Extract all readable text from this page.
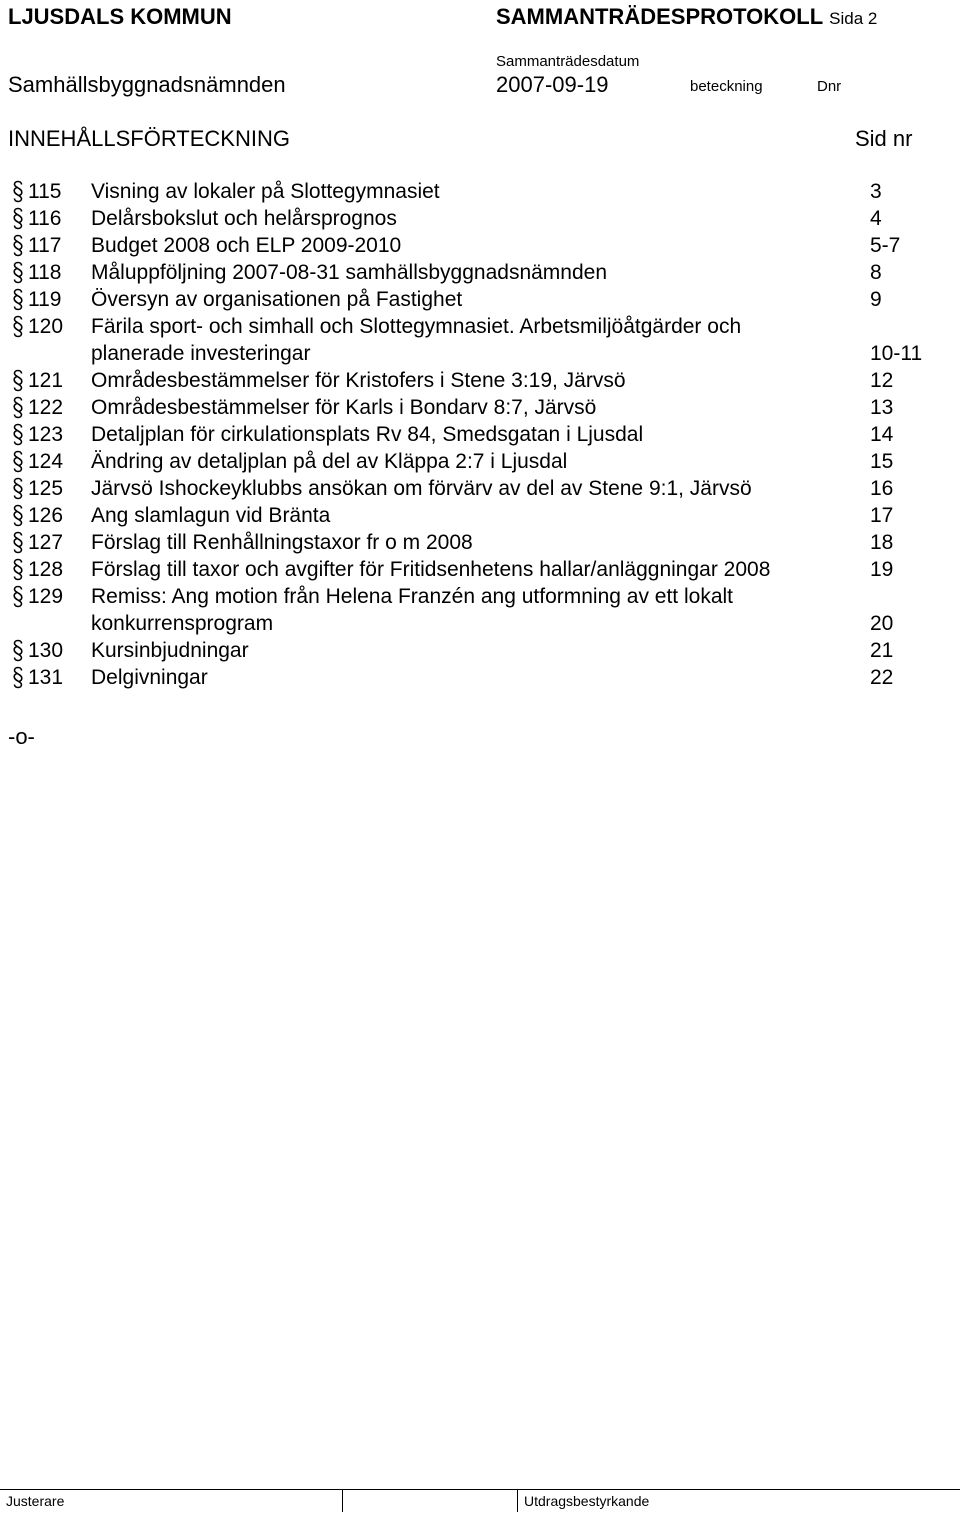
LJUSDALS KOMMUN	SAMMANTRÄDESPROTOKOLL Sida 2
Samhällsbyggnadsnämnden
Sammanträdesdatum
2007-09-19	beteckning	Dnr
INNEHÅLLSFÖRTECKNING	Sid nr
115 Visning av lokaler på Slottegymnasiet	3
116 Delårsbokslut och helårsprognos	4
117 Budget 2008 och ELP 2009-2010	5-7
118 Måluppföljning 2007-08-31 samhällsbyggnadsnämnden	8
119 Översyn av organisationen på Fastighet	9
120 Färila sport- och simhall och Slottegymnasiet. Arbetsmiljöåtgärder och
planerade investeringar	10-11
121 Områdesbestämmelser för Kristofers i Stene 3:19, Järvsö	12
122 Områdesbestämmelser för Karls i Bondarv 8:7, Järvsö	13
123 Detaljplan för cirkulationsplats Rv 84, Smedsgatan i Ljusdal	14
124 Ändring av detaljplan på del av Kläppa 2:7 i Ljusdal	15
125 Järvsö Ishockeyklubbs ansökan om förvärv av del av Stene 9:1, Järvsö	16
126 Ang slamlagun vid Bränta	17
127 Förslag till Renhållningstaxor fr o m 2008	18
128 Förslag till taxor och avgifter för Fritidsenhetens hallar/anläggningar 2008	19
129 Remiss: Ang motion från Helena Franzén ang utformning av ett lokalt
konkurrensprogram	20
130 Kursinbjudningar	21
131 Delgivningar	22
-o-
Justerare	Utdragsbestyrkande
